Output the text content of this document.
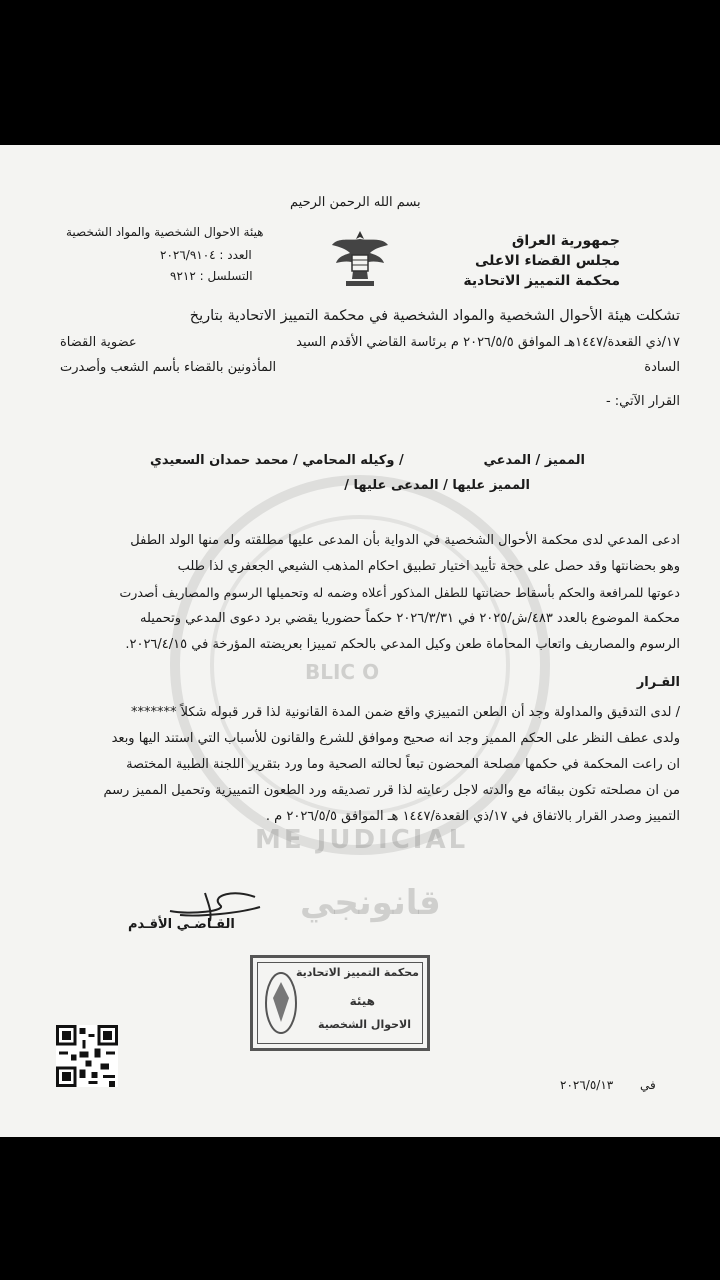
BLIC O
ME JUDICIAL
قانونجي
بسم الله الرحمن الرحيم
جمهورية العراق
مجلس القضاء الاعلى
محكمة التمييز الاتحادية
هيئة الاحوال الشخصية والمواد الشخصية
العدد : ٢٠٢٦/٩١٠٤
التسلسل : ٩٢١٢
تشكلت هيئة الأحوال الشخصية والمواد الشخصية في محكمة التمييز الاتحادية بتاريخ
١٧/ذي القعدة/١٤٤٧هـ الموافق ٢٠٢٦/٥/٥ م برئاسة القاضي الأقدم السيد
عضوية القضاة
السادة
المأذونين بالقضاء بأسم الشعب وأصدرت
القرار الآتي: -
المميز / المدعي
/ وكيله المحامي / محمد حمدان السعيدي
المميز عليها / المدعى عليها /
ادعى المدعي لدى محكمة الأحوال الشخصية في الدواية بأن المدعى عليها مطلقته وله منها الولد الطفل
وهو بحضانتها وقد حصل على حجة تأييد اختيار تطبيق احكام المذهب الشيعي الجعفري لذا طلب
دعوتها للمرافعة والحكم بأسقاط حضانتها للطفل المذكور أعلاه وضمه له وتحميلها الرسوم والمصاريف أصدرت
محكمة الموضوع بالعدد ٤٨٣/ش/٢٠٢٥ في ٢٠٢٦/٣/٣١ حكماً حضوريا يقضي برد دعوى المدعي وتحميله
الرسوم والمصاريف واتعاب المحاماة طعن وكيل المدعي بالحكم تمييزا بعريضته المؤرخة في ٢٠٢٦/٤/١٥.
القـرار
/ لدى التدقيق والمداولة وجد أن الطعن التمييزي واقع ضمن المدة القانونية لذا قرر قبوله شكلاً *******
ولدى عطف النظر على الحكم المميز وجد انه صحيح وموافق للشرع والقانون للأسباب التي استند اليها وبعد
ان راعت المحكمة في حكمها مصلحة المحضون تبعاً لحالته الصحية وما ورد بتقرير اللجنة الطبية المختصة
من ان مصلحته تكون ببقائه مع والدته لاجل رعايته لذا قرر تصديقه ورد الطعون التمييزية وتحميل المميز رسم
التمييز وصدر القرار بالاتفاق في ١٧/ذي القعدة/١٤٤٧ هـ الموافق ٢٠٢٦/٥/٥ م .
القـاضـي الأقـدم
محكمة التمييز الاتحادية
هيئة
الاحوال الشخصية
٢٠٢٦/٥/١٣ في
